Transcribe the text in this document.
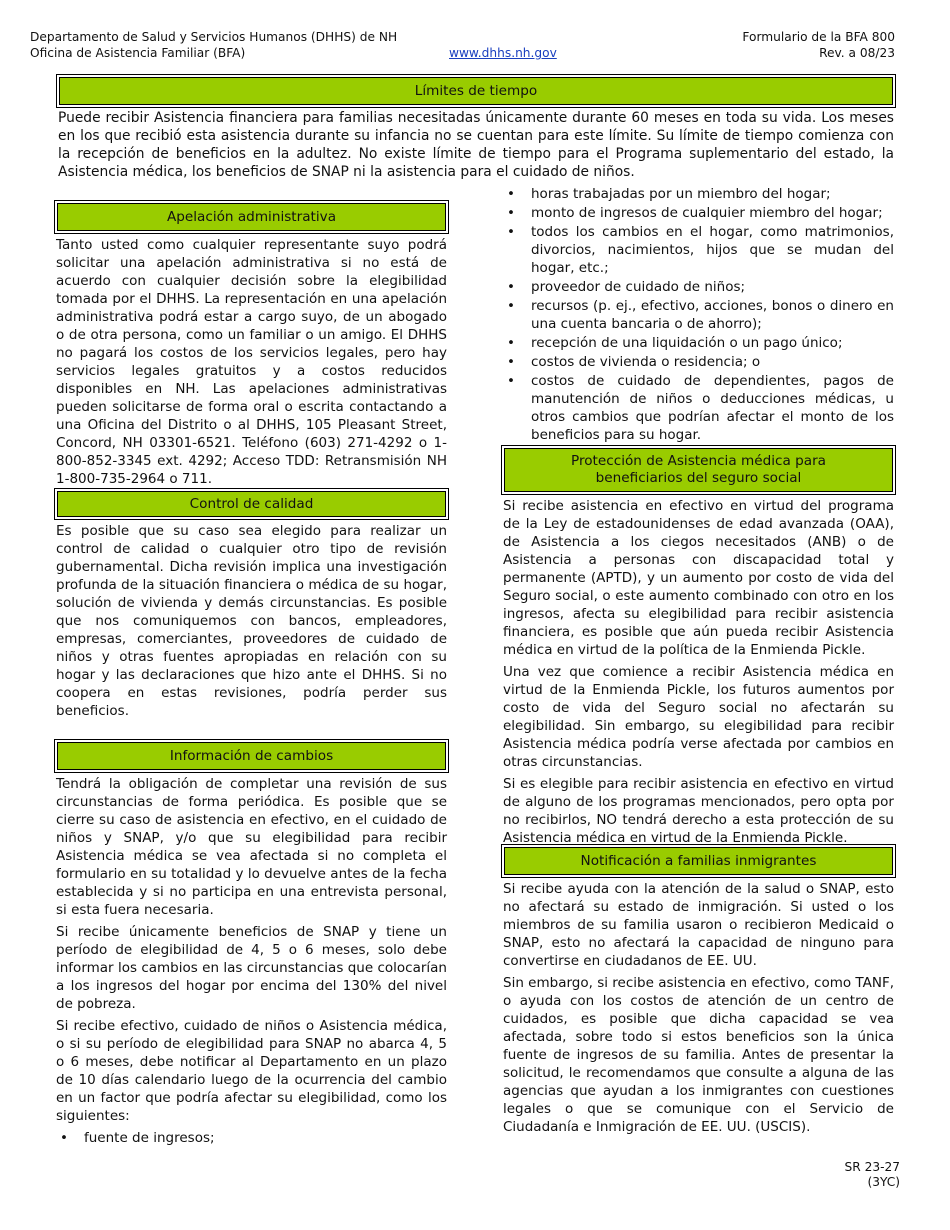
Departamento de Salud y Servicios Humanos (DHHS) de NH
Oficina de Asistencia Familiar (BFA)	www.dhhs.nh.gov
Formulario de la BFA 800
Rev. a 08/23
Límites de tiempo

Puede recibir Asistencia financiera para familias necesitadas únicamente durante 60 meses en toda su vida. Los meses en los que recibió esta asistencia durante su infancia no se cuentan para este límite. Su límite de tiempo comienza con la recepción de beneficios en la adultez. No existe límite de tiempo para el Programa suplementario del estado, la Asistencia médica, los beneficios de SNAP ni la asistencia para el cuidado de niños.

Apelación administrativa

Tanto usted como cualquier representante suyo podrá solicitar una apelación administrativa si no está de acuerdo con cualquier decisión sobre la elegibilidad tomada por el DHHS. La representación en una apelación administrativa podrá estar a cargo suyo, de un abogado o de otra persona, como un familiar o un amigo. El DHHS no pagará los costos de los servicios legales, pero hay servicios legales gratuitos y a costos reducidos disponibles en NH. Las apelaciones administrativas pueden solicitarse de forma oral o escrita contactando a una Oficina del Distrito o al DHHS, 105 Pleasant Street, Concord, NH 03301-6521. Teléfono (603) 271-4292 o 1-800-852-3345 ext. 4292; Acceso TDD: Retransmisión NH 1-800-735-2964 o 711.

Control de calidad

Es posible que su caso sea elegido para realizar un control de calidad o cualquier otro tipo de revisión gubernamental. Dicha revisión implica una investigación profunda de la situación financiera o médica de su hogar, solución de vivienda y demás circunstancias. Es posible que nos comuniquemos con bancos, empleadores, empresas, comerciantes, proveedores de cuidado de niños y otras fuentes apropiadas en relación con su hogar y las declaraciones que hizo ante el DHHS. Si no coopera en estas revisiones, podría perder sus beneficios.

Información de cambios

Tendrá la obligación de completar una revisión de sus circunstancias de forma periódica. Es posible que se cierre su caso de asistencia en efectivo, en el cuidado de niños y SNAP, y/o que su elegibilidad para recibir Asistencia médica se vea afectada si no completa el formulario en su totalidad y lo devuelve antes de la fecha establecida y si no participa en una entrevista personal, si esta fuera necesaria.

Si recibe únicamente beneficios de SNAP y tiene un período de elegibilidad de 4, 5 o 6 meses, solo debe informar los cambios en las circunstancias que colocarían a los ingresos del hogar por encima del 130% del nivel de pobreza.

Si recibe efectivo, cuidado de niños o Asistencia médica, o si su período de elegibilidad para SNAP no abarca 4, 5 o 6 meses, debe notificar al Departamento en un plazo de 10 días calendario luego de la ocurrencia del cambio en un factor que podría afectar su elegibilidad, como los siguientes:

• fuente de ingresos;
• horas trabajadas por un miembro del hogar;
• monto de ingresos de cualquier miembro del hogar;
• todos los cambios en el hogar, como matrimonios, divorcios, nacimientos, hijos que se mudan del hogar, etc.;
• proveedor de cuidado de niños;
• recursos (p. ej., efectivo, acciones, bonos o dinero en una cuenta bancaria o de ahorro);
• recepción de una liquidación o un pago único;
• costos de vivienda o residencia; o
• costos de cuidado de dependientes, pagos de manutención de niños o deducciones médicas, u otros cambios que podrían afectar el monto de los beneficios para su hogar.
Protección de Asistencia médica para
beneficiarios del seguro social

Si recibe asistencia en efectivo en virtud del programa de la Ley de estadounidenses de edad avanzada (OAA), de Asistencia a los ciegos necesitados (ANB) o de Asistencia a personas con discapacidad total y permanente (APTD), y un aumento por costo de vida del Seguro social, o este aumento combinado con otro en los ingresos, afecta su elegibilidad para recibir asistencia financiera, es posible que aún pueda recibir Asistencia médica en virtud de la política de la Enmienda Pickle.

Una vez que comience a recibir Asistencia médica en virtud de la Enmienda Pickle, los futuros aumentos por costo de vida del Seguro social no afectarán su elegibilidad. Sin embargo, su elegibilidad para recibir Asistencia médica podría verse afectada por cambios en otras circunstancias.

Si es elegible para recibir asistencia en efectivo en virtud de alguno de los programas mencionados, pero opta por no recibirlos, NO tendrá derecho a esta protección de su Asistencia médica en virtud de la Enmienda Pickle.

Notificación a familias inmigrantes

Si recibe ayuda con la atención de la salud o SNAP, esto no afectará su estado de inmigración. Si usted o los miembros de su familia usaron o recibieron Medicaid o SNAP, esto no afectará la capacidad de ninguno para convertirse en ciudadanos de EE. UU.

Sin embargo, si recibe asistencia en efectivo, como TANF, o ayuda con los costos de atención de un centro de cuidados, es posible que dicha capacidad se vea afectada, sobre todo si estos beneficios son la única fuente de ingresos de su familia. Antes de presentar la solicitud, le recomendamos que consulte a alguna de las agencias que ayudan a los inmigrantes con cuestiones legales o que se comunique con el Servicio de Ciudadanía e Inmigración de EE. UU. (USCIS).

SR 23-27
(3YC)
